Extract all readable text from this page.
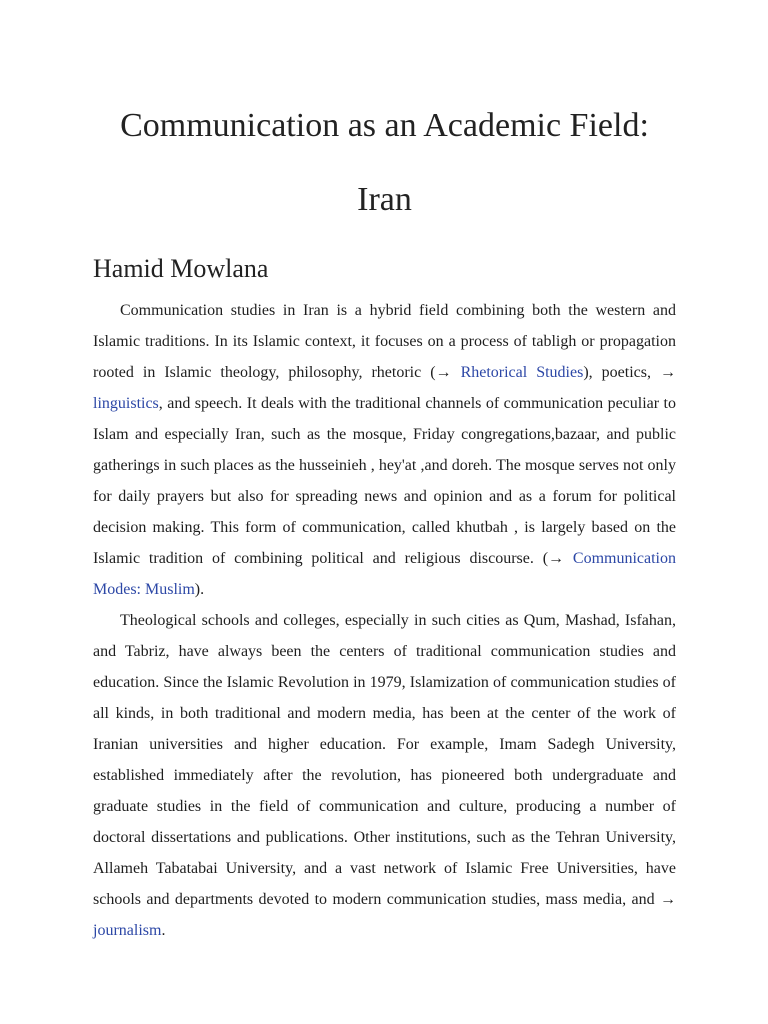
Communication as an Academic Field:
Iran
Hamid Mowlana

Communication studies in Iran is a hybrid field combining both the western and Islamic traditions. In its Islamic context, it focuses on a process of tabligh or propagation rooted in Islamic theology, philosophy, rhetoric (→ Rhetorical Studies), poetics, → linguistics, and speech. It deals with the traditional channels of communication peculiar to Islam and especially Iran, such as the mosque, Friday congregations,bazaar, and public gatherings in such places as the husseinieh , hey'at ,and doreh. The mosque serves not only for daily prayers but also for spreading news and opinion and as a forum for political decision making. This form of communication, called khutbah , is largely based on the Islamic tradition of combining political and religious discourse. (→ Communication Modes: Muslim).

Theological schools and colleges, especially in such cities as Qum, Mashad, Isfahan, and Tabriz, have always been the centers of traditional communication studies and education. Since the Islamic Revolution in 1979, Islamization of communication studies of all kinds, in both traditional and modern media, has been at the center of the work of Iranian universities and higher education. For example, Imam Sadegh University, established immediately after the revolution, has pioneered both undergraduate and graduate studies in the field of communication and culture, producing a number of doctoral dissertations and publications. Other institutions, such as the Tehran University, Allameh Tabatabai University, and a vast network of Islamic Free Universities, have schools and departments devoted to modern communication studies, mass media, and → journalism.
